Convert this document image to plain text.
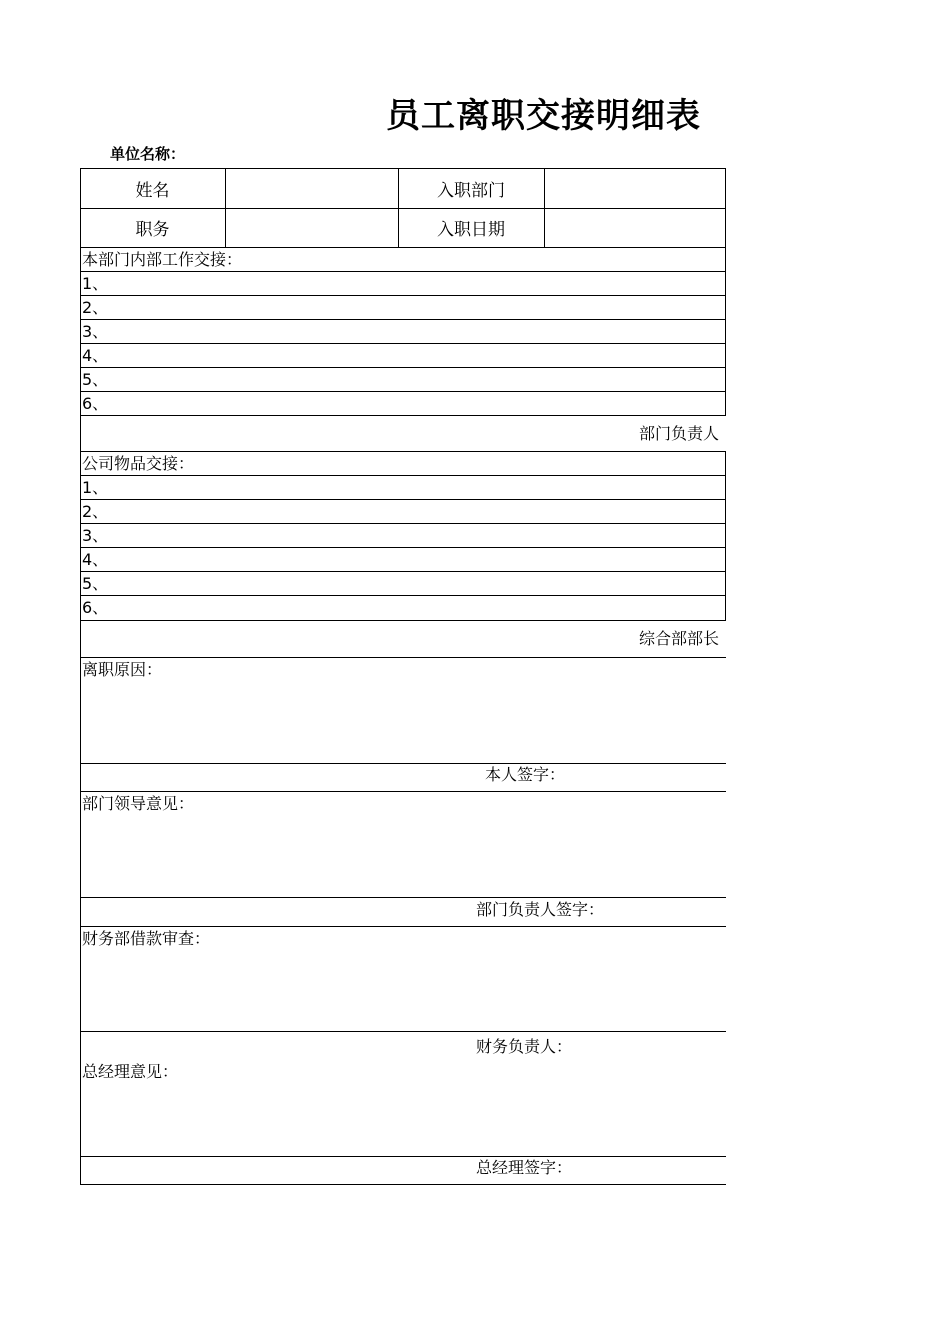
员工离职交接明细表
单位名称：
姓名	入职部门
职务	入职日期
本部门内部工作交接：
1、
2、
3、
4、
5、
6、
部门负责人
公司物品交接：
1、
2、
3、
4、
5、
6、
综合部部长
离职原因：
本人签字：
部门领导意见：
部门负责人签字：
财务部借款审查：
财务负责人：
总经理意见：
总经理签字：
